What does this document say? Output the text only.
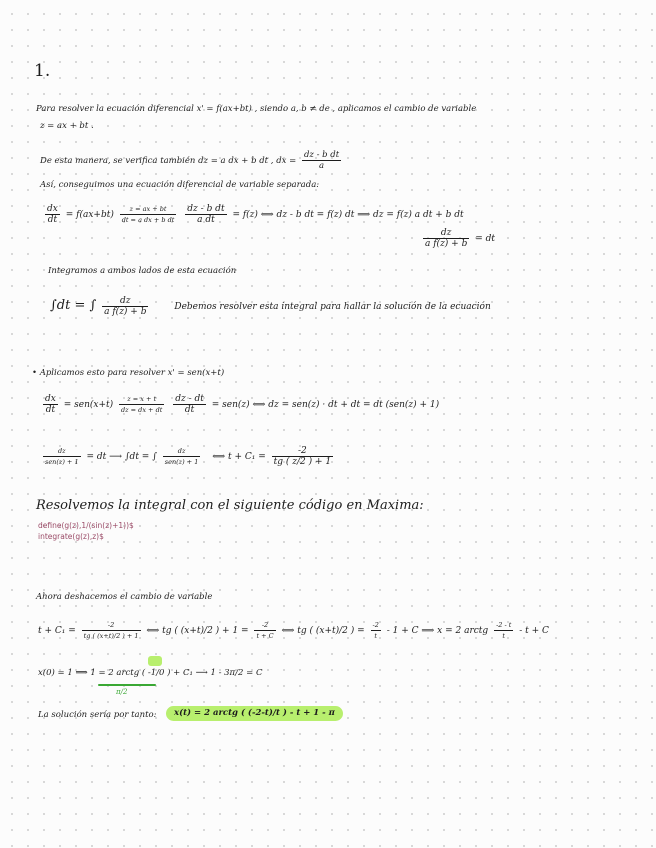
1.
Para resolver la ecuación diferencial x' = f(ax+bt) , siendo a, b ≠ de , aplicamos el cambio de variable
z = ax + bt .
De esta manera, se verifica también dz = a dx + b dt , dx = $\frac{\text{dz - b dt}}{a}$
Así, conseguimos una ecuación diferencial de variable separada:
$\frac{dx}{dt} = f(ax+bt) \frac{z = ax + bt}{\text{dt = a dx + b dt}}$
$\frac{\text{dz - b dt}}{\text{a dt}} = f(z)$ ⟺ dz - b dt = f(z) dt ⟹ dz = f(z) a dt + b dt
$\frac{dz}{\text{a f(z) + b}}$ = dt
Integramos a ambos lados de esta ecuación
∫dt = ∫ $\frac{dz}{\text{a f(z) + b}}$	Debemos resolver esta integral para hallar la solución de la ecuación
• Aplicamos esto para resolver x' = sen(x+t)
$\frac{dx}{dt} = sen(x+t) \frac{z = x + t}{dz = dx + dt}$
$\frac{dz - dt}{dt} = sen(z)$ ⟺ dz = sen(z) · dt + dt = dt (sen(z) + 1)
$\frac{dz}{\text{sen(z) + 1}}$ = dt ⟶ ∫dt = ∫ $\frac{dz}{\text{sen(z) + 1}}$ ⟺ $t + C_1 = \frac{-2}{tg ( z/2 ) + 1}$
Resolvemos la integral con el siguiente código en Maxima:
define(g(z),1/(sin(z)+1))$
integrate(g(z),z)$
Ahora deshacemos el cambio de variable
$t + C_1 = \frac{-2}{tg ( (x+t)/2 ) + 1}$ ⟺ tg ( (x+t)/2 ) + $1 = \frac{-2}{t + C}$ ⟺ tg ( (x+t)/2 ) = $\frac{-2}{t} - 1 + C$ ⟹ x = 2 arctg $\frac{-2 - t}{t} - t + C$
x(0) = 1 ⟹ 1 = 2 arctg ( -1/0 ) + C₁ ⟶ 1 - 3π/2 = C
π/2
La solución sería por tanto:	x(t) = 2 arctg ( (-2-t)/t ) - t + 1 - π
